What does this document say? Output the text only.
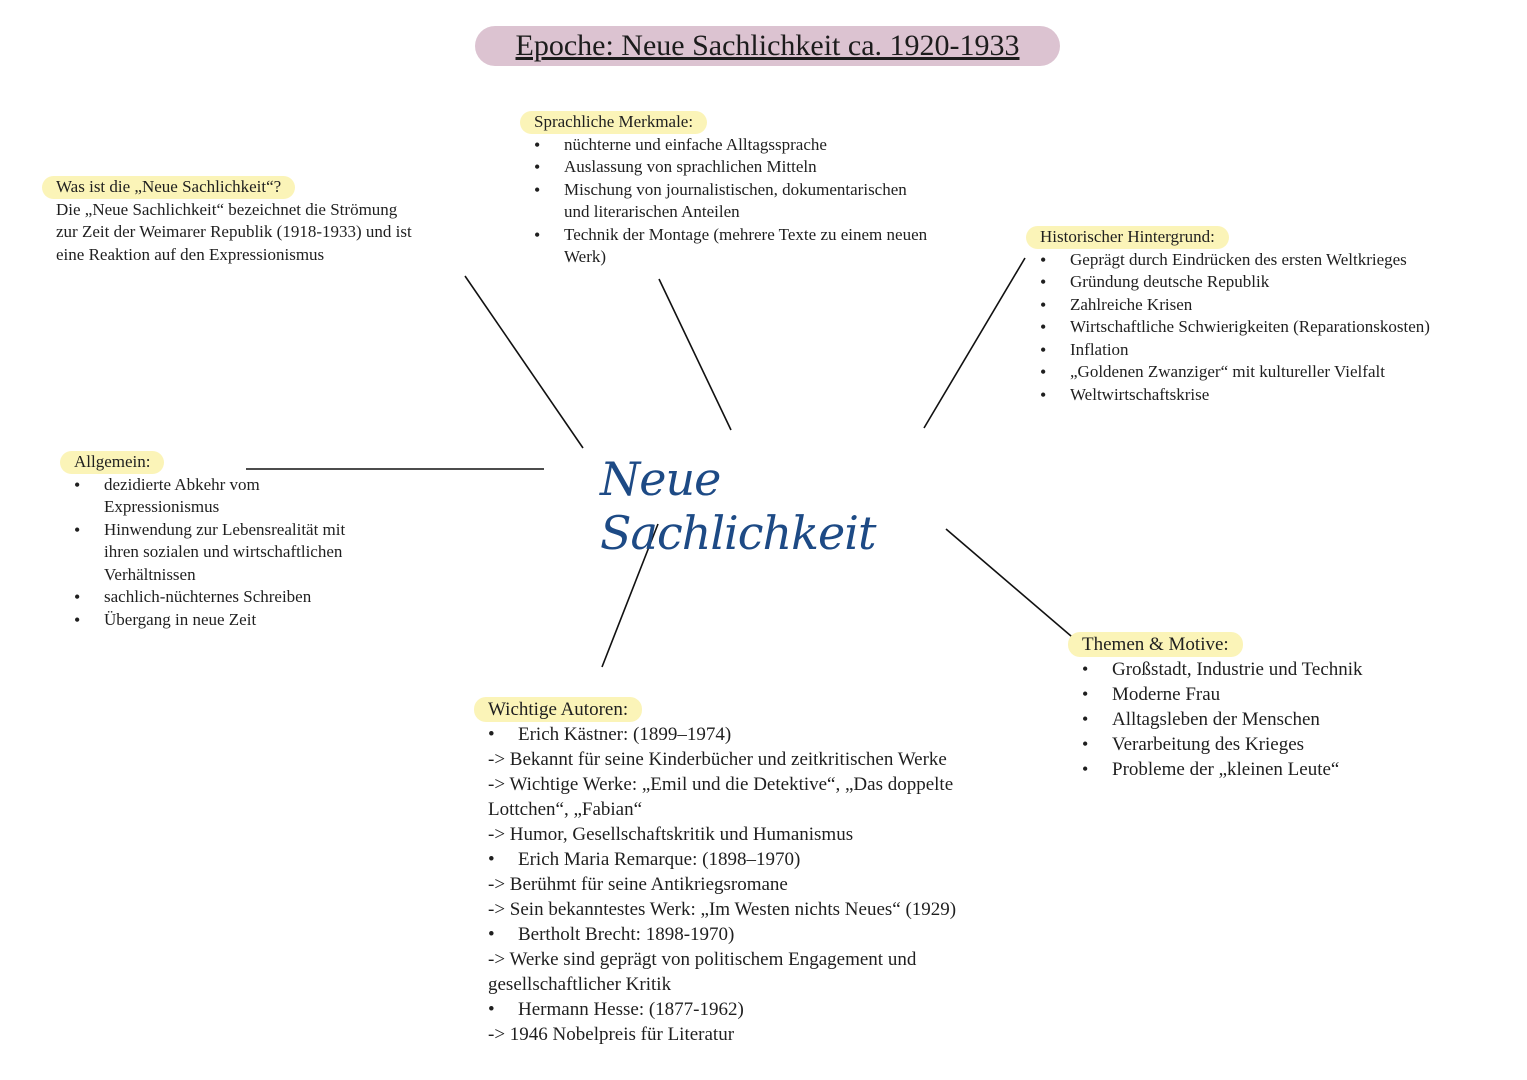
Epoche: Neue Sachlichkeit ca. 1920-1933
Neue Sachlichkeit
Was ist die „Neue Sachlichkeit“?

Die „Neue Sachlichkeit“ bezeichnet die Strömung

zur Zeit der Weimarer Republik (1918-1933) und ist

eine Reaktion auf den Expressionismus

Sprachliche Merkmale:
• nüchterne und einfache Alltagssprache
• Auslassung von sprachlichen Mitteln
• Mischung von journalistischen, dokumentarischen und literarischen Anteilen
• Technik der Montage (mehrere Texte zu einem neuen Werk)
Historischer Hintergrund:
• Geprägt durch Eindrücken des ersten Weltkrieges
• Gründung deutsche Republik
• Zahlreiche Krisen
• Wirtschaftliche Schwierigkeiten (Reparationskosten)
• Inflation
• „Goldenen Zwanziger“ mit kultureller Vielfalt
• Weltwirtschaftskrise
Allgemein:
• dezidierte Abkehr vom Expressionismus
• Hinwendung zur Lebensrealität mit ihren sozialen und wirtschaftlichen Verhältnissen
• sachlich-nüchternes Schreiben
• Übergang in neue Zeit
Themen & Motive:
• Großstadt, Industrie und Technik
• Moderne Frau
• Alltagsleben der Menschen
• Verarbeitung des Krieges
• Probleme der „kleinen Leute“
Wichtige Autoren:
• Erich Kästner: (1899–1974)
-> Bekannt für seine Kinderbücher und zeitkritischen Werke
-> Wichtige Werke: „Emil und die Detektive“, „Das doppelte Lottchen“, „Fabian“
-> Humor, Gesellschaftskritik und Humanismus
• Erich Maria Remarque: (1898–1970)
-> Berühmt für seine Antikriegsromane
-> Sein bekanntestes Werk: „Im Westen nichts Neues“ (1929)
• Bertholt Brecht: 1898-1970)
-> Werke sind geprägt von politischem Engagement und gesellschaftlicher Kritik
• Hermann Hesse: (1877-1962)
-> 1946 Nobelpreis für Literatur
